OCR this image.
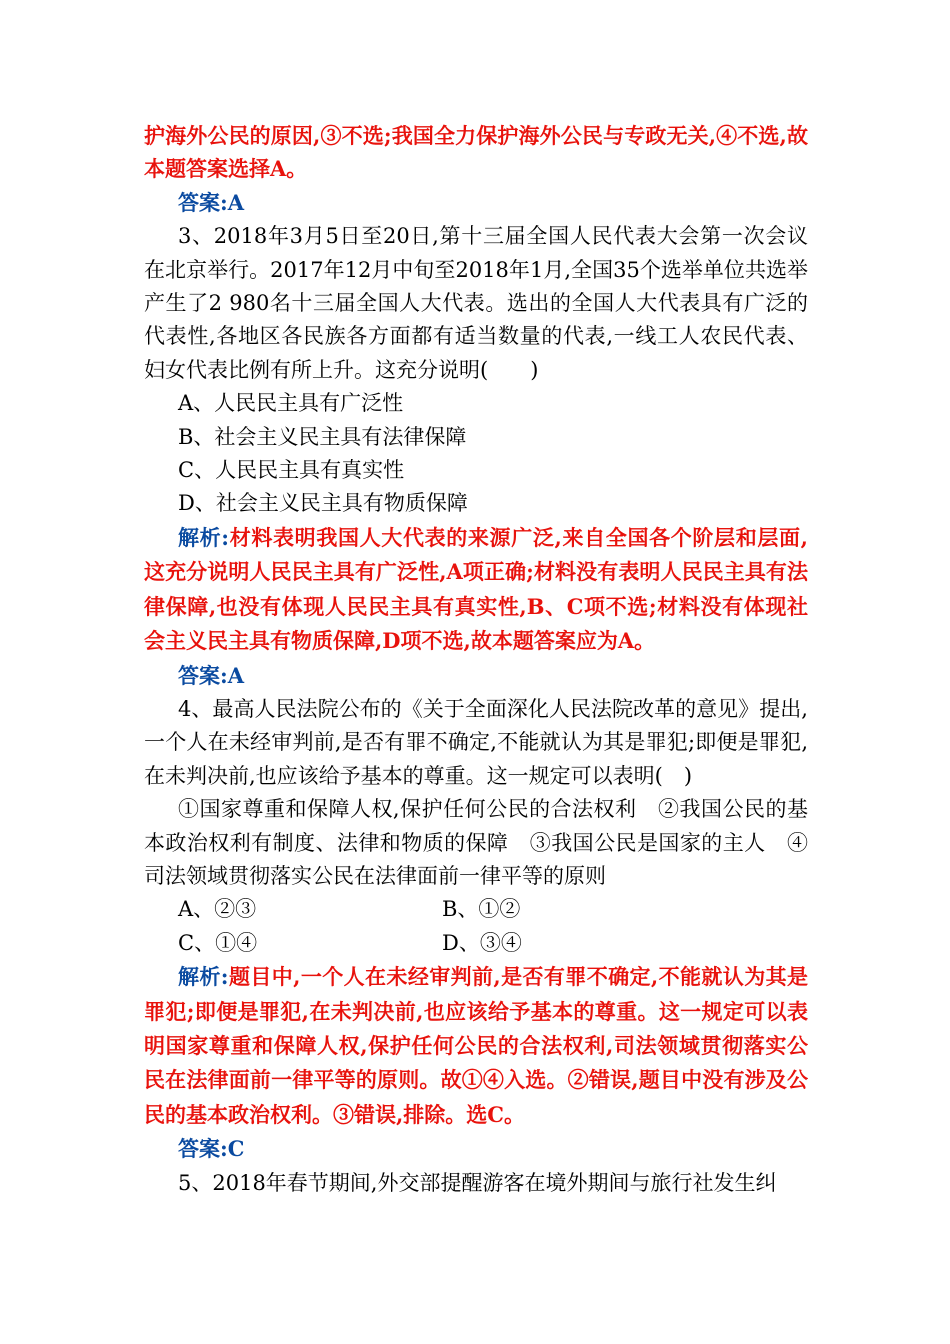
护海外公民的原因,③不选;我国全力保护海外公民与专政无关,④不选,故本题答案选择A。

答案:A

3、2018年3月5日至20日,第十三届全国人民代表大会第一次会议在北京举行。2017年12月中旬至2018年1月,全国35个选举单位共选举产生了2 980名十三届全国人大代表。选出的全国人大代表具有广泛的代表性,各地区各民族各方面都有适当数量的代表,一线工人农民代表、妇女代表比例有所上升。这充分说明(　　)

A、人民民主具有广泛性

B、社会主义民主具有法律保障

C、人民民主具有真实性

D、社会主义民主具有物质保障

解析:材料表明我国人大代表的来源广泛,来自全国各个阶层和层面,这充分说明人民民主具有广泛性,A项正确;材料没有表明人民民主具有法律保障,也没有体现人民民主具有真实性,B、C项不选;材料没有体现社会主义民主具有物质保障,D项不选,故本题答案应为A。

答案:A

4、最高人民法院公布的《关于全面深化人民法院改革的意见》提出,一个人在未经审判前,是否有罪不确定,不能就认为其是罪犯;即便是罪犯,在未判决前,也应该给予基本的尊重。这一规定可以表明(　)

①国家尊重和保障人权,保护任何公民的合法权利　②我国公民的基本政治权利有制度、法律和物质的保障　③我国公民是国家的主人　④司法领域贯彻落实公民在法律面前一律平等的原则

A、②③	B、①②
C、①④	D、③④

解析:题目中,一个人在未经审判前,是否有罪不确定,不能就认为其是罪犯;即便是罪犯,在未判决前,也应该给予基本的尊重。这一规定可以表明国家尊重和保障人权,保护任何公民的合法权利,司法领域贯彻落实公民在法律面前一律平等的原则。故①④入选。②错误,题目中没有涉及公民的基本政治权利。③错误,排除。选C。

答案:C

5、2018年春节期间,外交部提醒游客在境外期间与旅行社发生纠
